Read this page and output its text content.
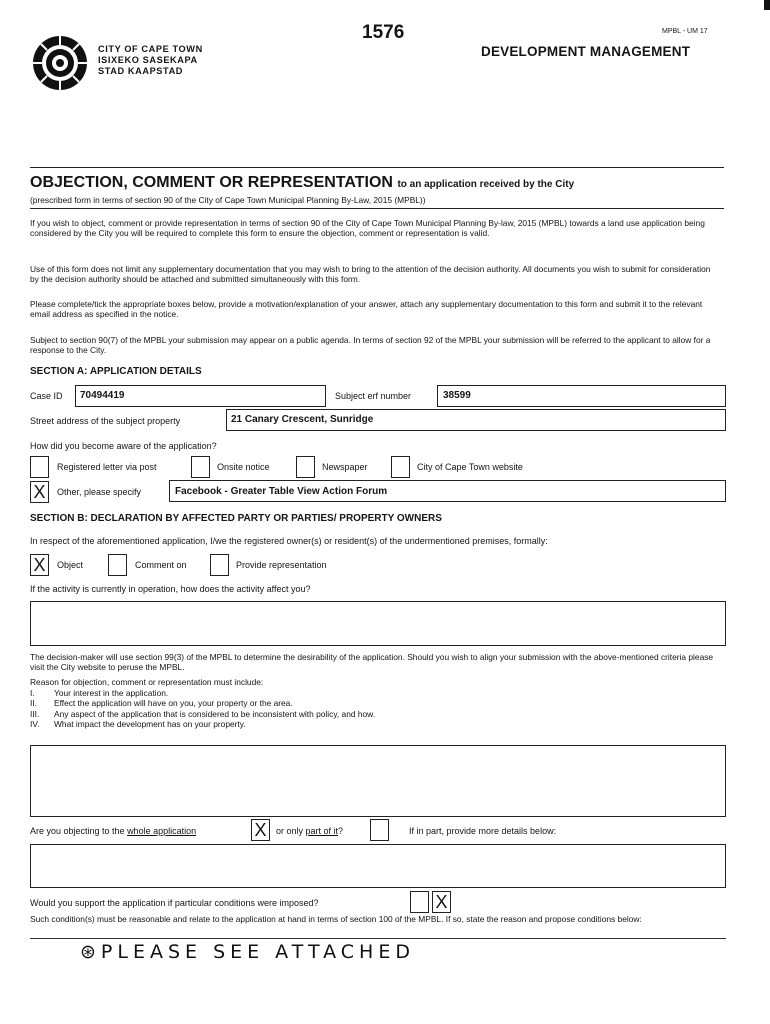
CITY OF CAPE TOWN
ISIXEKO SASEKAPA
STAD KAAPSTAD
1576	MPBL - UM 17
DEVELOPMENT MANAGEMENT
OBJECTION, COMMENT OR REPRESENTATION to an application received by the City
(prescribed form in terms of section 90 of the City of Cape Town Municipal Planning By-Law, 2015 (MPBL))
If you wish to object, comment or provide representation in terms of section 90 of the City of Cape Town Municipal Planning By-law, 2015 (MPBL) towards a land use application being considered by the City you will be required to complete this form to ensure the objection, comment or representation is valid.
Use of this form does not limit any supplementary documentation that you may wish to bring to the attention of the decision authority. All documents you wish to submit for consideration by the decision authority should be attached and submitted simultaneously with this form.
Please complete/tick the appropriate boxes below, provide a motivation/explanation of your answer, attach any supplementary documentation to this form and submit it to the relevant email address as specified in the notice.
Subject to section 90(7) of the MPBL your submission may appear on a public agenda. In terms of section 92 of the MPBL your submission will be referred to the applicant to allow for a response to the City.
SECTION A: APPLICATION DETAILS
Case ID 70494419	Subject erf number	38599
Street address of the subject property	21 Canary Crescent, Sunridge
How did you become aware of the application?
Registered letter via post	Onsite notice	Newspaper	City of Cape Town website
X Other, please specify	Facebook - Greater Table View Action Forum
SECTION B: DECLARATION BY AFFECTED PARTY OR PARTIES/ PROPERTY OWNERS
In respect of the aforementioned application, I/we the registered owner(s) or resident(s) of the undermentioned premises, formally:
X Object	Comment on	Provide representation
If the activity is currently in operation, how does the activity affect you?
The decision-maker will use section 99(3) of the MPBL to determine the desirability of the application. Should you wish to align your submission with the above-mentioned criteria please visit the City website to peruse the MPBL.
Reason for objection, comment or representation must include:
I. Your interest in the application.
II. Effect the application will have on you, your property or the area.
III. Any aspect of the application that is considered to be inconsistent with policy, and how.
IV. What impact the development has on your property.
Are you objecting to the whole application	X or only part of it?	If in part, provide more details below:
Would you support the application if particular conditions were imposed?	X
Such condition(s) must be reasonable and relate to the application at hand in terms of section 100 of the MPBL. If so, state the reason and propose conditions below:
⊛PLEASE SEE ATTACHED
